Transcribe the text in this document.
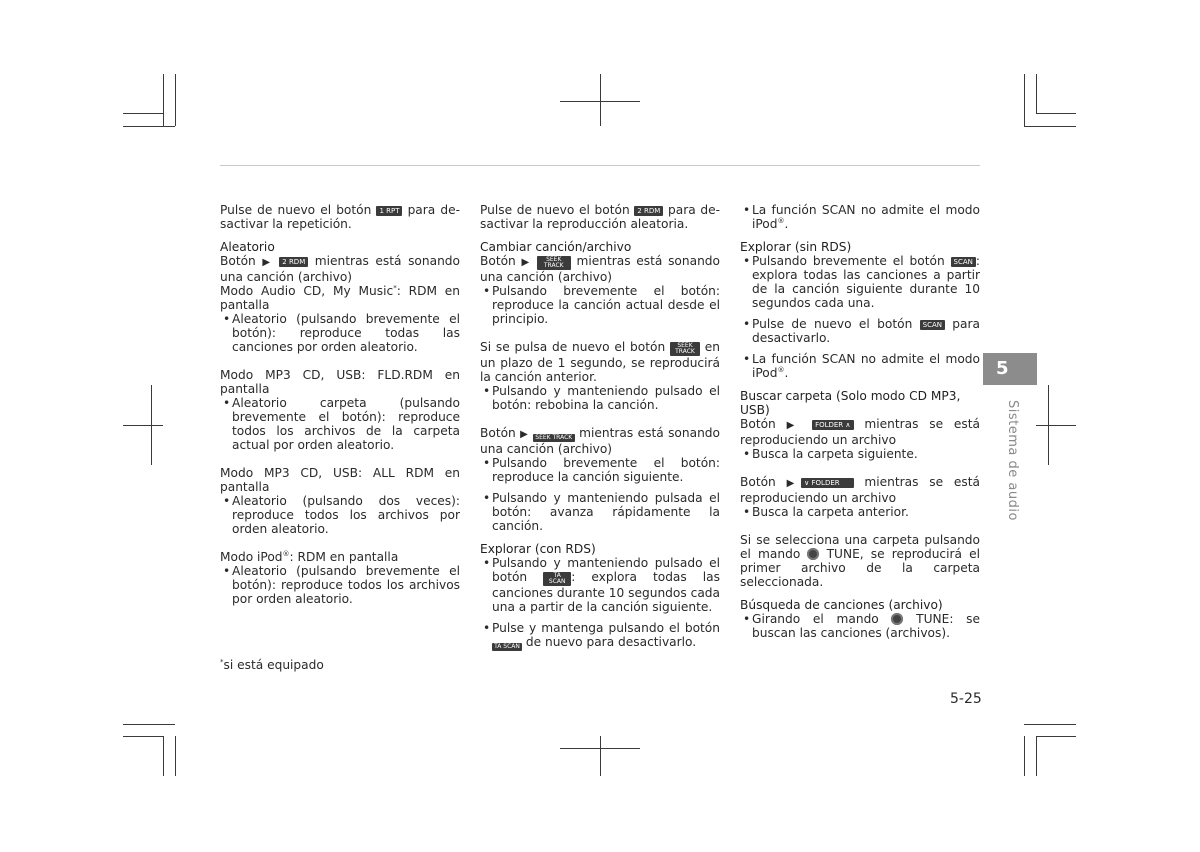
Pulse de nuevo el botón 1 RPT para de-sactivar la repetición.

Aleatorio

Botón ▶ 2 RDM mientras está sonando una canción (archivo)

Modo Audio CD, My Music*: RDM en pantalla

• Aleatorio (pulsando brevemente el botón): reproduce todas las canciones por orden aleatorio.

Modo MP3 CD, USB: FLD.RDM en pantalla

• Aleatorio carpeta (pulsando brevemente el botón): reproduce todos los archivos de la carpeta actual por orden aleatorio.

Modo MP3 CD, USB: ALL RDM en pantalla

• Aleatorio (pulsando dos veces): reproduce todos los archivos por orden aleatorio.

Modo iPod®: RDM en pantalla

• Aleatorio (pulsando brevemente el botón): reproduce todos los archivos por orden aleatorio.

*si está equipado

Pulse de nuevo el botón 2 RDM para de-sactivar la reproducción aleatoria.

Cambiar canción/archivo

Botón ▶	SEEK TRACK mientras está sonando una canción (archivo)

• Pulsando brevemente el botón: reproduce la canción actual desde el principio.

Si se pulsa de nuevo el botón SEEK TRACK en un plazo de 1 segundo, se reproducirá la canción anterior.

• Pulsando y manteniendo pulsado el botón: rebobina la canción.

Botón ▶ SEEK TRACK mientras está sonando una canción (archivo)

• Pulsando brevemente el botón: reproduce la canción siguiente.

• Pulsando y manteniendo pulsada el botón: avanza rápidamente la canción.

Explorar (con RDS)

• Pulsando y manteniendo pulsado el botón TA SCAN : explora todas las canciones durante 10 segundos cada una a partir de la canción siguiente.

• Pulse y mantenga pulsando el botón TA SCAN de nuevo para desactivarlo.

• La función SCAN no admite el modo iPod®.

Explorar (sin RDS)

• Pulsando brevemente el botón SCAN : explora todas las canciones a partir de la canción siguiente durante 10 segundos cada una.

• Pulse de nuevo el botón SCAN para desactivarlo.

• La función SCAN no admite el modo iPod®.

Buscar carpeta (Solo modo CD MP3, USB)

Botón ▶ FOLDER ∧ mientras se está reproduciendo un archivo

• Busca la carpeta siguiente.

Botón ▶ ∨ FOLDER mientras se está reproduciendo un archivo

• Busca la carpeta anterior.

Si se selecciona una carpeta pulsando el mando  TUNE, se reproducirá el primer archivo de la carpeta seleccionada.

Búsqueda de canciones (archivo)

• Girando el mando  TUNE: se buscan las canciones (archivos).

5
Sistema de audio
5-25
